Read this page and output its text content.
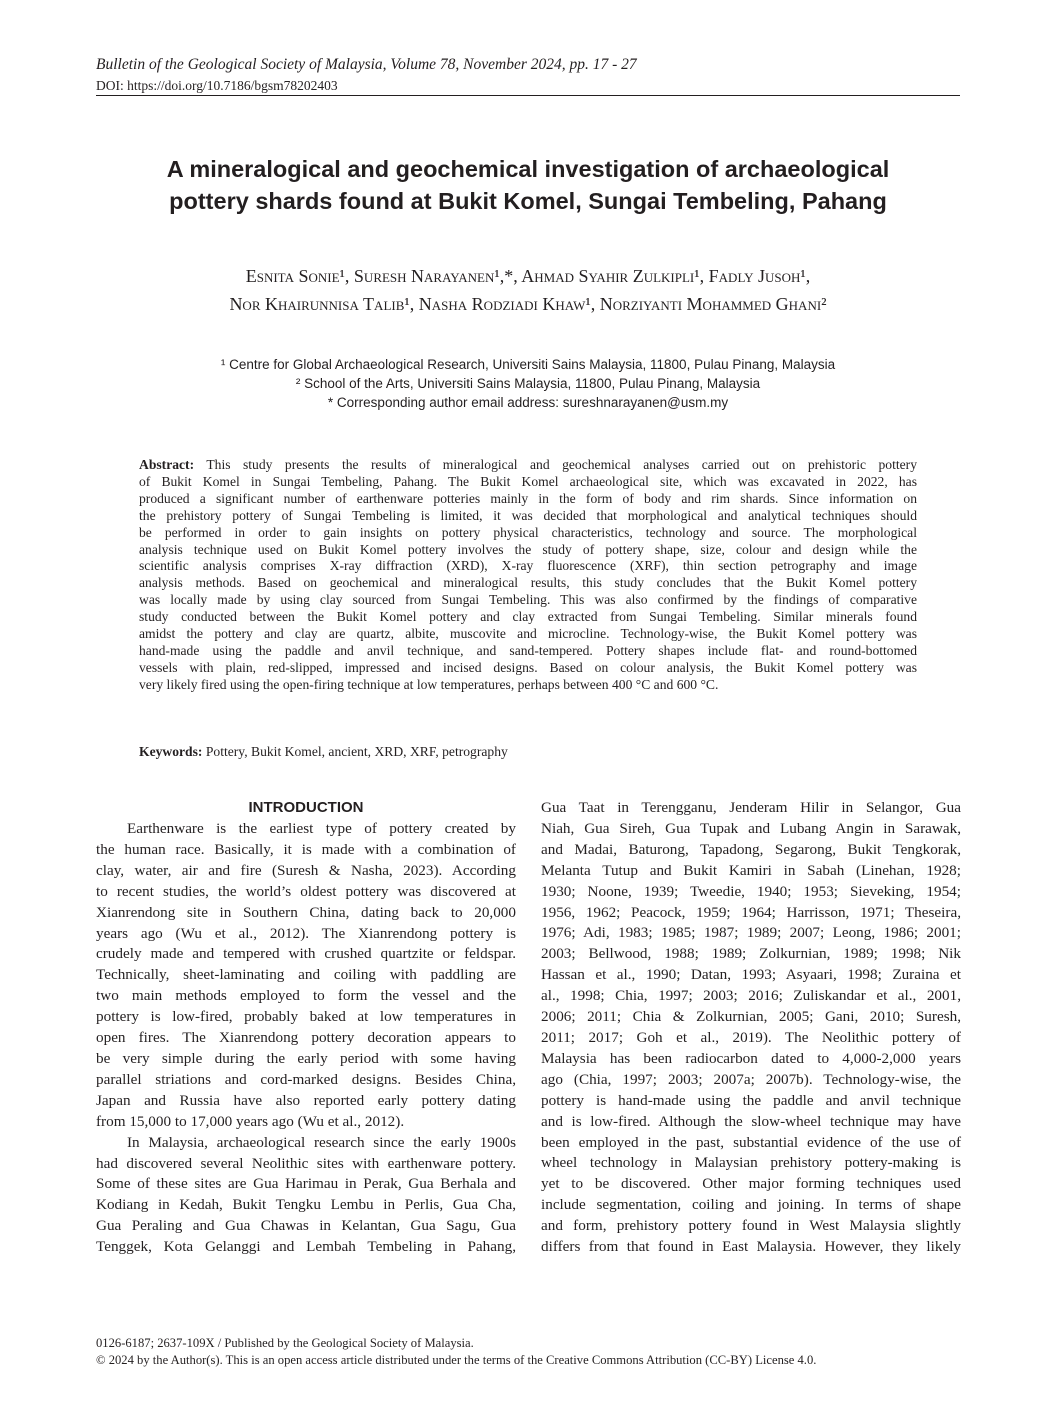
Bulletin of the Geological Society of Malaysia, Volume 78, November 2024, pp. 17 - 27
DOI: https://doi.org/10.7186/bgsm78202403
A mineralogical and geochemical investigation of archaeological
pottery shards found at Bukit Komel, Sungai Tembeling, Pahang
Esnita Sonie¹, Suresh Narayanen¹,*, Ahmad Syahir Zulkipli¹, Fadly Jusoh¹,
Nor Khairunnisa Talib¹, Nasha Rodziadi Khaw¹, Norziyanti Mohammed Ghani²
¹ Centre for Global Archaeological Research, Universiti Sains Malaysia, 11800, Pulau Pinang, Malaysia
² School of the Arts, Universiti Sains Malaysia, 11800, Pulau Pinang, Malaysia
* Corresponding author email address: sureshnarayanen@usm.my
Abstract: This study presents the results of mineralogical and geochemical analyses carried out on prehistoric pottery
of Bukit Komel in Sungai Tembeling, Pahang. The Bukit Komel archaeological site, which was excavated in 2022, has
produced a significant number of earthenware potteries mainly in the form of body and rim shards. Since information on
the prehistory pottery of Sungai Tembeling is limited, it was decided that morphological and analytical techniques should
be performed in order to gain insights on pottery physical characteristics, technology and source. The morphological
analysis technique used on Bukit Komel pottery involves the study of pottery shape, size, colour and design while the
scientific analysis comprises X-ray diffraction (XRD), X-ray fluorescence (XRF), thin section petrography and image
analysis methods. Based on geochemical and mineralogical results, this study concludes that the Bukit Komel pottery
was locally made by using clay sourced from Sungai Tembeling. This was also confirmed by the findings of comparative
study conducted between the Bukit Komel pottery and clay extracted from Sungai Tembeling. Similar minerals found
amidst the pottery and clay are quartz, albite, muscovite and microcline. Technology-wise, the Bukit Komel pottery was
hand-made using the paddle and anvil technique, and sand-tempered. Pottery shapes include flat- and round-bottomed
vessels with plain, red-slipped, impressed and incised designs. Based on colour analysis, the Bukit Komel pottery was
very likely fired using the open-firing technique at low temperatures, perhaps between 400 °C and 600 °C.
Keywords: Pottery, Bukit Komel, ancient, XRD, XRF, petrography
INTRODUCTION
Earthenware is the earliest type of pottery created by
the human race. Basically, it is made with a combination of
clay, water, air and fire (Suresh & Nasha, 2023). According
to recent studies, the world’s oldest pottery was discovered at
Xianrendong site in Southern China, dating back to 20,000
years ago (Wu et al., 2012). The Xianrendong pottery is
crudely made and tempered with crushed quartzite or feldspar.
Technically, sheet-laminating and coiling with paddling are
two main methods employed to form the vessel and the
pottery is low-fired, probably baked at low temperatures in
open fires. The Xianrendong pottery decoration appears to
be very simple during the early period with some having
parallel striations and cord-marked designs. Besides China,
Japan and Russia have also reported early pottery dating
from 15,000 to 17,000 years ago (Wu et al., 2012).
In Malaysia, archaeological research since the early 1900s
had discovered several Neolithic sites with earthenware pottery.
Some of these sites are Gua Harimau in Perak, Gua Berhala and
Kodiang in Kedah, Bukit Tengku Lembu in Perlis, Gua Cha,
Gua Peraling and Gua Chawas in Kelantan, Gua Sagu, Gua
Tenggek, Kota Gelanggi and Lembah Tembeling in Pahang,
Gua Taat in Terengganu, Jenderam Hilir in Selangor, Gua
Niah, Gua Sireh, Gua Tupak and Lubang Angin in Sarawak,
and Madai, Baturong, Tapadong, Segarong, Bukit Tengkorak,
Melanta Tutup and Bukit Kamiri in Sabah (Linehan, 1928;
1930; Noone, 1939; Tweedie, 1940; 1953; Sieveking, 1954;
1956, 1962; Peacock, 1959; 1964; Harrisson, 1971; Theseira,
1976; Adi, 1983; 1985; 1987; 1989; 2007; Leong, 1986; 2001;
2003; Bellwood, 1988; 1989; Zolkurnian, 1989; 1998; Nik
Hassan et al., 1990; Datan, 1993; Asyaari, 1998; Zuraina et
al., 1998; Chia, 1997; 2003; 2016; Zuliskandar et al., 2001,
2006; 2011; Chia & Zolkurnian, 2005; Gani, 2010; Suresh,
2011; 2017; Goh et al., 2019). The Neolithic pottery of
Malaysia has been radiocarbon dated to 4,000-2,000 years
ago (Chia, 1997; 2003; 2007a; 2007b). Technology-wise, the
pottery is hand-made using the paddle and anvil technique
and is low-fired. Although the slow-wheel technique may have
been employed in the past, substantial evidence of the use of
wheel technology in Malaysian prehistory pottery-making is
yet to be discovered. Other major forming techniques used
include segmentation, coiling and joining. In terms of shape
and form, prehistory pottery found in West Malaysia slightly
differs from that found in East Malaysia. However, they likely
0126-6187; 2637-109X / Published by the Geological Society of Malaysia.
© 2024 by the Author(s). This is an open access article distributed under the terms of the Creative Commons Attribution (CC-BY) License 4.0.
